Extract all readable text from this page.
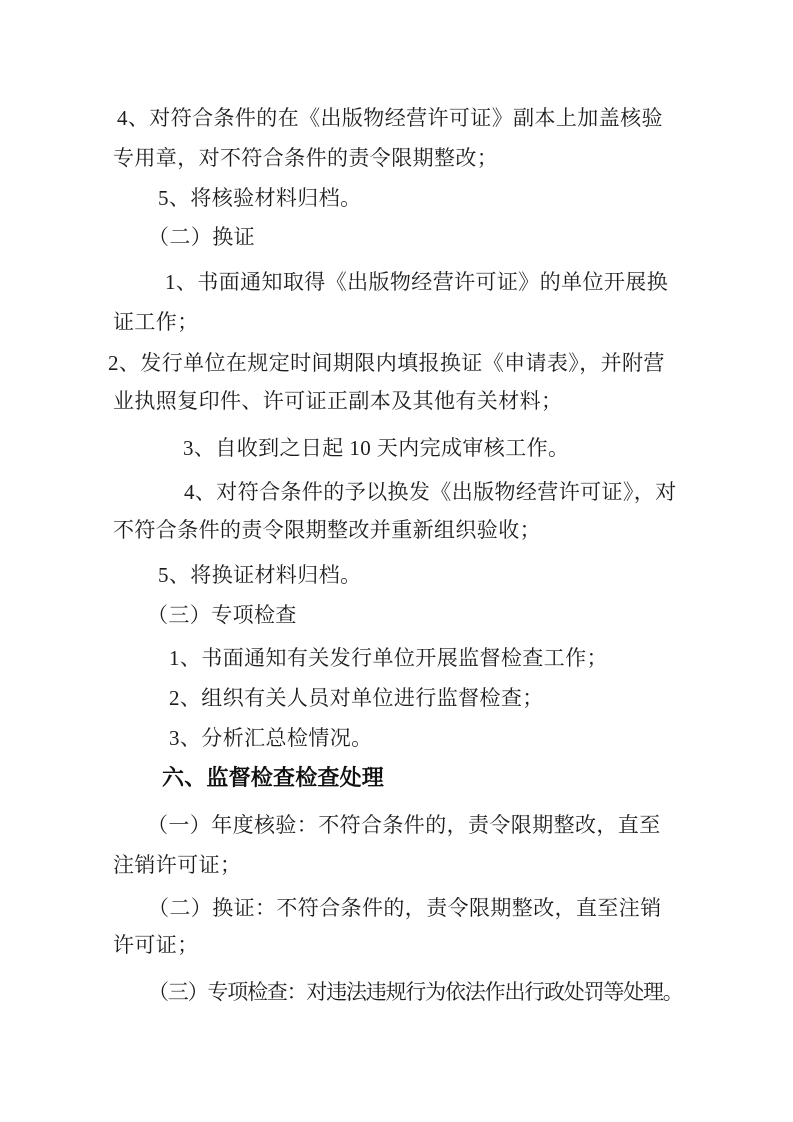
4、对符合条件的在《出版物经营许可证》副本上加盖核验
专用章，对不符合条件的责令限期整改；
5、将核验材料归档。
（二）换证
1、书面通知取得《出版物经营许可证》的单位开展换
证工作；
2、发行单位在规定时间期限内填报换证《申请表》，并附营
业执照复印件、许可证正副本及其他有关材料；
3、自收到之日起 10 天内完成审核工作。
4、对符合条件的予以换发《出版物经营许可证》，对
不符合条件的责令限期整改并重新组织验收；
5、将换证材料归档。
（三）专项检查
1、书面通知有关发行单位开展监督检查工作；
2、组织有关人员对单位进行监督检查；
3、分析汇总检情况。
六、监督检查检查处理
（一）年度核验：不符合条件的，责令限期整改，直至
注销许可证；
（二）换证：不符合条件的，责令限期整改，直至注销
许可证；
（三）专项检查：对违法违规行为依法作出行政处罚等处理。
